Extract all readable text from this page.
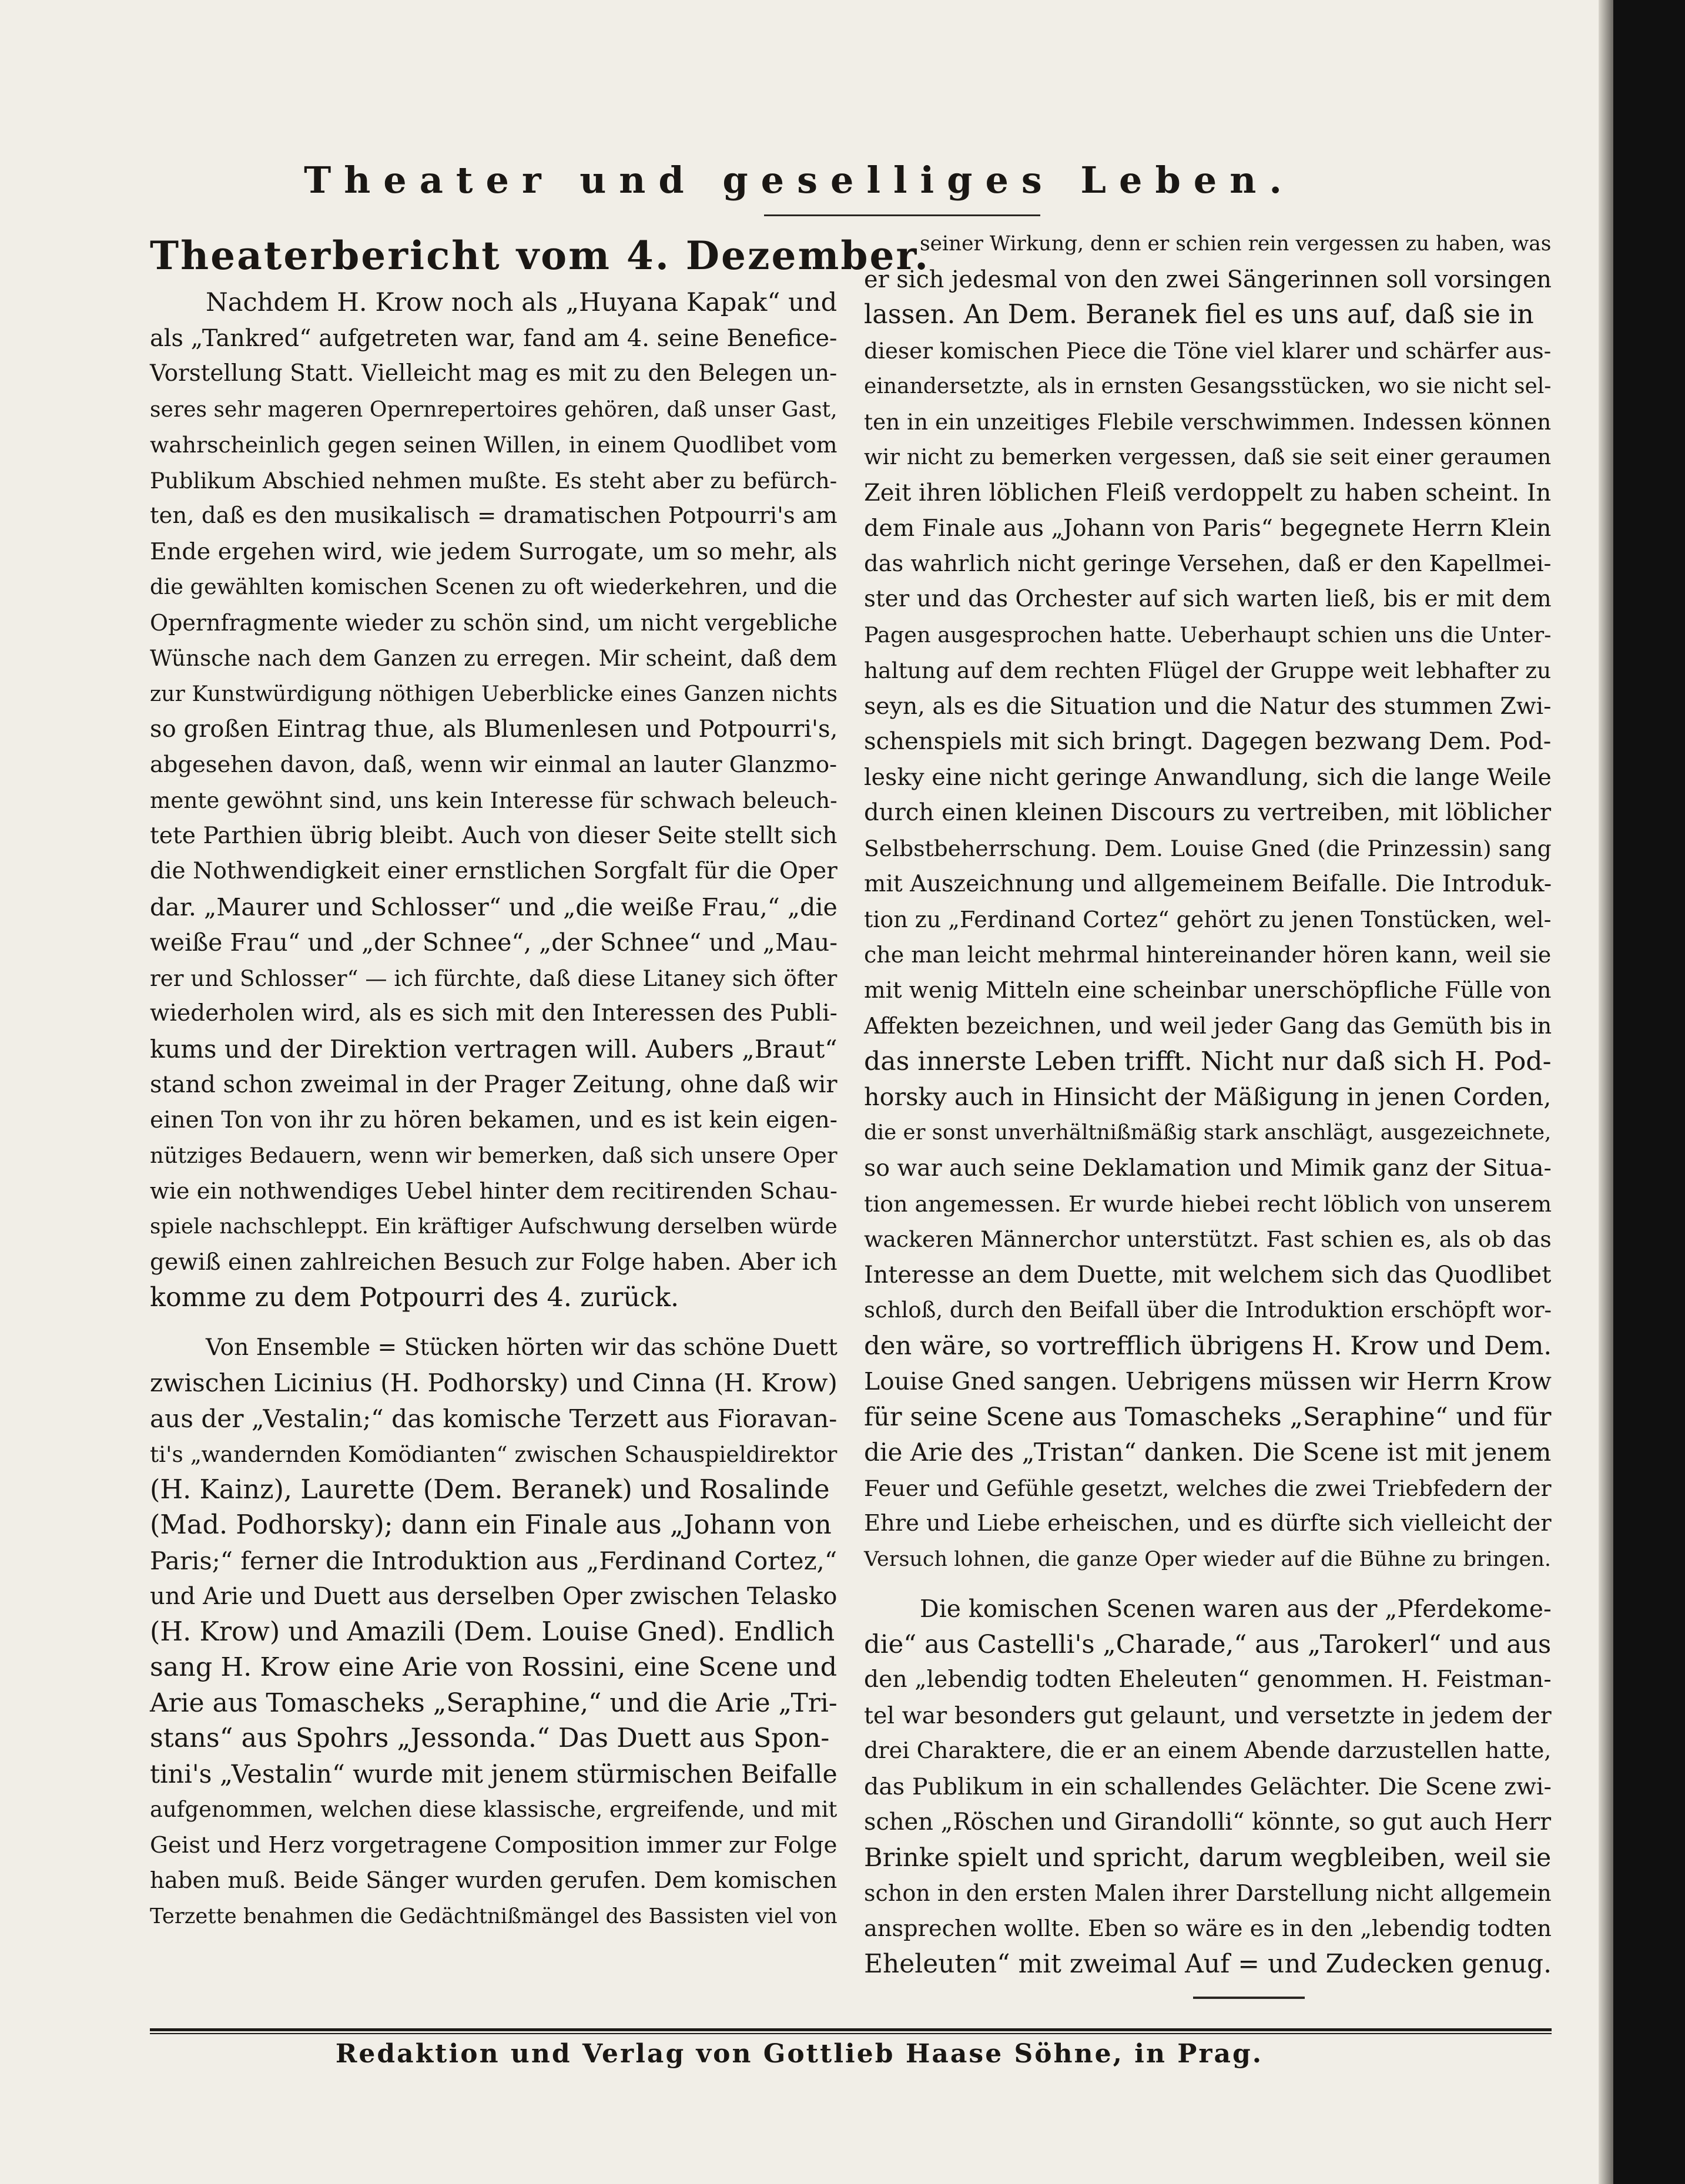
Theater und geselliges Leben.
Theaterbericht vom 4. Dezember.
Nachdem H. Krow noch als „Huyana Kapak“ und
als „Tankred“ aufgetreten war, fand am 4. seine Benefice-
Vorstellung Statt. Vielleicht mag es mit zu den Belegen un-
seres sehr mageren Opernrepertoires gehören, daß unser Gast,
wahrscheinlich gegen seinen Willen, in einem Quodlibet vom
Publikum Abschied nehmen mußte. Es steht aber zu befürch-
ten, daß es den musikalisch = dramatischen Potpourri's am
Ende ergehen wird, wie jedem Surrogate, um so mehr, als
die gewählten komischen Scenen zu oft wiederkehren, und die
Opernfragmente wieder zu schön sind, um nicht vergebliche
Wünsche nach dem Ganzen zu erregen. Mir scheint, daß dem
zur Kunstwürdigung nöthigen Ueberblicke eines Ganzen nichts
so großen Eintrag thue, als Blumenlesen und Potpourri's,
abgesehen davon, daß, wenn wir einmal an lauter Glanzmo-
mente gewöhnt sind, uns kein Interesse für schwach beleuch-
tete Parthien übrig bleibt. Auch von dieser Seite stellt sich
die Nothwendigkeit einer ernstlichen Sorgfalt für die Oper
dar. „Maurer und Schlosser“ und „die weiße Frau,“ „die
weiße Frau“ und „der Schnee“, „der Schnee“ und „Mau-
rer und Schlosser“ — ich fürchte, daß diese Litaney sich öfter
wiederholen wird, als es sich mit den Interessen des Publi-
kums und der Direktion vertragen will. Aubers „Braut“
stand schon zweimal in der Prager Zeitung, ohne daß wir
einen Ton von ihr zu hören bekamen, und es ist kein eigen-
nütziges Bedauern, wenn wir bemerken, daß sich unsere Oper
wie ein nothwendiges Uebel hinter dem recitirenden Schau-
spiele nachschleppt. Ein kräftiger Aufschwung derselben würde
gewiß einen zahlreichen Besuch zur Folge haben. Aber ich
komme zu dem Potpourri des 4. zurück.
Von Ensemble = Stücken hörten wir das schöne Duett
zwischen Licinius (H. Podhorsky) und Cinna (H. Krow)
aus der „Vestalin;“ das komische Terzett aus Fioravan-
ti's „wandernden Komödianten“ zwischen Schauspieldirektor
(H. Kainz), Laurette (Dem. Beranek) und Rosalinde
(Mad. Podhorsky); dann ein Finale aus „Johann von
Paris;“ ferner die Introduktion aus „Ferdinand Cortez,“
und Arie und Duett aus derselben Oper zwischen Telasko
(H. Krow) und Amazili (Dem. Louise Gned). Endlich
sang H. Krow eine Arie von Rossini, eine Scene und
Arie aus Tomascheks „Seraphine,“ und die Arie „Tri-
stans“ aus Spohrs „Jessonda.“ Das Duett aus Spon-
tini's „Vestalin“ wurde mit jenem stürmischen Beifalle
aufgenommen, welchen diese klassische, ergreifende, und mit
Geist und Herz vorgetragene Composition immer zur Folge
haben muß. Beide Sänger wurden gerufen. Dem komischen
Terzette benahmen die Gedächtnißmängel des Bassisten viel von
seiner Wirkung, denn er schien rein vergessen zu haben, was
er sich jedesmal von den zwei Sängerinnen soll vorsingen
lassen. An Dem. Beranek fiel es uns auf, daß sie in
dieser komischen Piece die Töne viel klarer und schärfer aus-
einandersetzte, als in ernsten Gesangsstücken, wo sie nicht sel-
ten in ein unzeitiges Flebile verschwimmen. Indessen können
wir nicht zu bemerken vergessen, daß sie seit einer geraumen
Zeit ihren löblichen Fleiß verdoppelt zu haben scheint. In
dem Finale aus „Johann von Paris“ begegnete Herrn Klein
das wahrlich nicht geringe Versehen, daß er den Kapellmei-
ster und das Orchester auf sich warten ließ, bis er mit dem
Pagen ausgesprochen hatte. Ueberhaupt schien uns die Unter-
haltung auf dem rechten Flügel der Gruppe weit lebhafter zu
seyn, als es die Situation und die Natur des stummen Zwi-
schenspiels mit sich bringt. Dagegen bezwang Dem. Pod-
lesky eine nicht geringe Anwandlung, sich die lange Weile
durch einen kleinen Discours zu vertreiben, mit löblicher
Selbstbeherrschung. Dem. Louise Gned (die Prinzessin) sang
mit Auszeichnung und allgemeinem Beifalle. Die Introduk-
tion zu „Ferdinand Cortez“ gehört zu jenen Tonstücken, wel-
che man leicht mehrmal hintereinander hören kann, weil sie
mit wenig Mitteln eine scheinbar unerschöpfliche Fülle von
Affekten bezeichnen, und weil jeder Gang das Gemüth bis in
das innerste Leben trifft. Nicht nur daß sich H. Pod-
horsky auch in Hinsicht der Mäßigung in jenen Corden,
die er sonst unverhältnißmäßig stark anschlägt, ausgezeichnete,
so war auch seine Deklamation und Mimik ganz der Situa-
tion angemessen. Er wurde hiebei recht löblich von unserem
wackeren Männerchor unterstützt. Fast schien es, als ob das
Interesse an dem Duette, mit welchem sich das Quodlibet
schloß, durch den Beifall über die Introduktion erschöpft wor-
den wäre, so vortrefflich übrigens H. Krow und Dem.
Louise Gned sangen. Uebrigens müssen wir Herrn Krow
für seine Scene aus Tomascheks „Seraphine“ und für
die Arie des „Tristan“ danken. Die Scene ist mit jenem
Feuer und Gefühle gesetzt, welches die zwei Triebfedern der
Ehre und Liebe erheischen, und es dürfte sich vielleicht der
Versuch lohnen, die ganze Oper wieder auf die Bühne zu bringen.
Die komischen Scenen waren aus der „Pferdekome-
die“ aus Castelli's „Charade,“ aus „Tarokerl“ und aus
den „lebendig todten Eheleuten“ genommen. H. Feistman-
tel war besonders gut gelaunt, und versetzte in jedem der
drei Charaktere, die er an einem Abende darzustellen hatte,
das Publikum in ein schallendes Gelächter. Die Scene zwi-
schen „Röschen und Girandolli“ könnte, so gut auch Herr
Brinke spielt und spricht, darum wegbleiben, weil sie
schon in den ersten Malen ihrer Darstellung nicht allgemein
ansprechen wollte. Eben so wäre es in den „lebendig todten
Eheleuten“ mit zweimal Auf = und Zudecken genug.
Redaktion und Verlag von Gottlieb Haase Söhne, in Prag.
